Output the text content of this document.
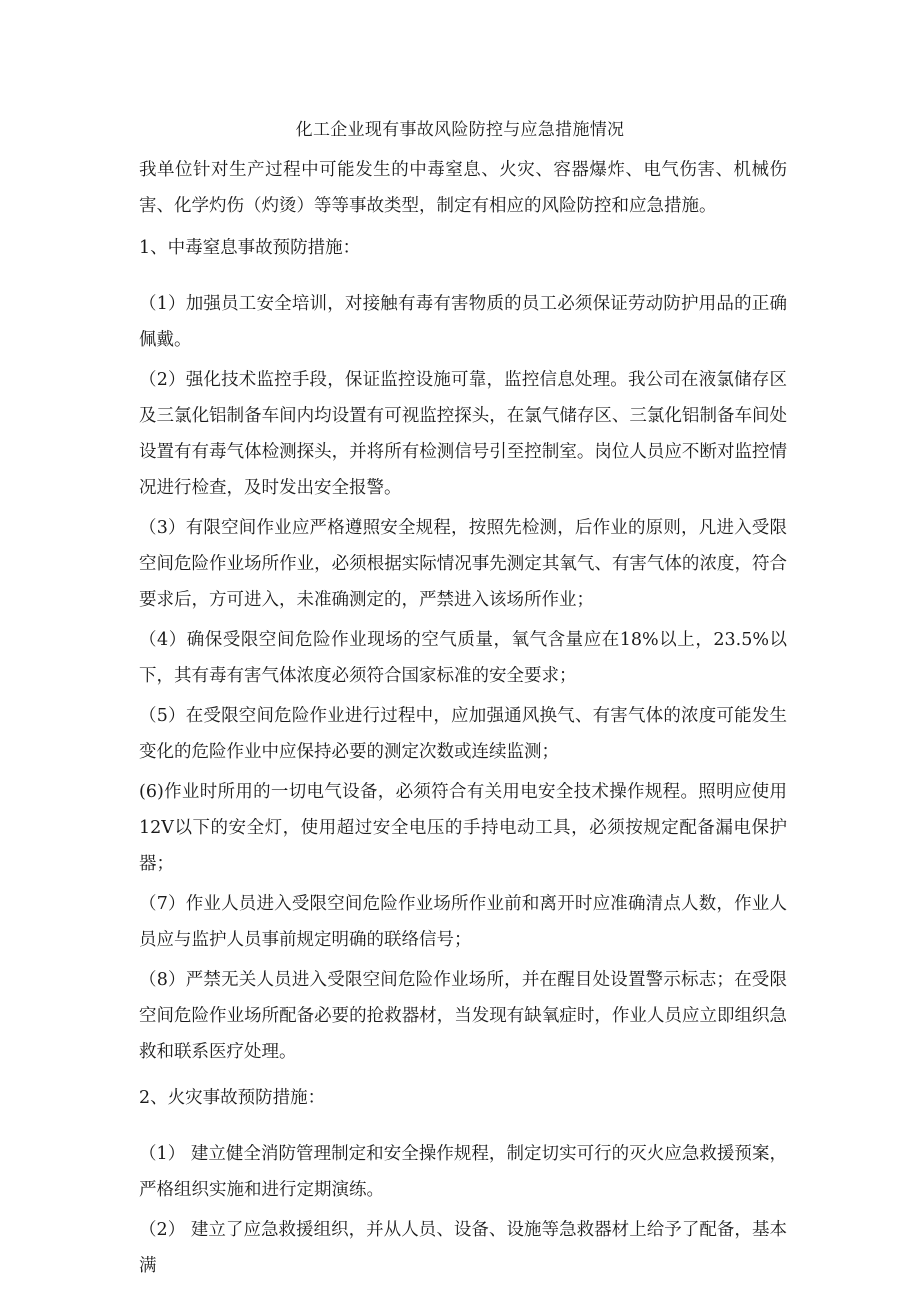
化工企业现有事故风险防控与应急措施情况

我单位针对生产过程中可能发生的中毒窒息、火灾、容器爆炸、电气伤害、机械伤害、化学灼伤（灼烫）等等事故类型，制定有相应的风险防控和应急措施。

1、中毒窒息事故预防措施：

（1）加强员工安全培训，对接触有毒有害物质的员工必须保证劳动防护用品的正确佩戴。

（2）强化技术监控手段，保证监控设施可靠，监控信息处理。我公司在液氯储存区及三氯化铝制备车间内均设置有可视监控探头，在氯气储存区、三氯化铝制备车间处设置有有毒气体检测探头，并将所有检测信号引至控制室。岗位人员应不断对监控情况进行检查，及时发出安全报警。

（3）有限空间作业应严格遵照安全规程，按照先检测，后作业的原则，凡进入受限空间危险作业场所作业，必须根据实际情况事先测定其氧气、有害气体的浓度，符合要求后，方可进入，未准确测定的，严禁进入该场所作业；

（4）确保受限空间危险作业现场的空气质量，氧气含量应在18%以上，23.5%以下，其有毒有害气体浓度必须符合国家标准的安全要求；

（5）在受限空间危险作业进行过程中，应加强通风换气、有害气体的浓度可能发生变化的危险作业中应保持必要的测定次数或连续监测；

(6)作业时所用的一切电气设备，必须符合有关用电安全技术操作规程。照明应使用12V以下的安全灯，使用超过安全电压的手持电动工具，必须按规定配备漏电保护器；

（7）作业人员进入受限空间危险作业场所作业前和离开时应准确清点人数，作业人员应与监护人员事前规定明确的联络信号；

（8）严禁无关人员进入受限空间危险作业场所，并在醒目处设置警示标志；在受限空间危险作业场所配备必要的抢救器材，当发现有缺氧症时，作业人员应立即组织急救和联系医疗处理。

2、火灾事故预防措施：

（1） 建立健全消防管理制定和安全操作规程，制定切实可行的灭火应急救援预案，严格组织实施和进行定期演练。

（2） 建立了应急救援组织，并从人员、设备、设施等急救器材上给予了配备，基本满
